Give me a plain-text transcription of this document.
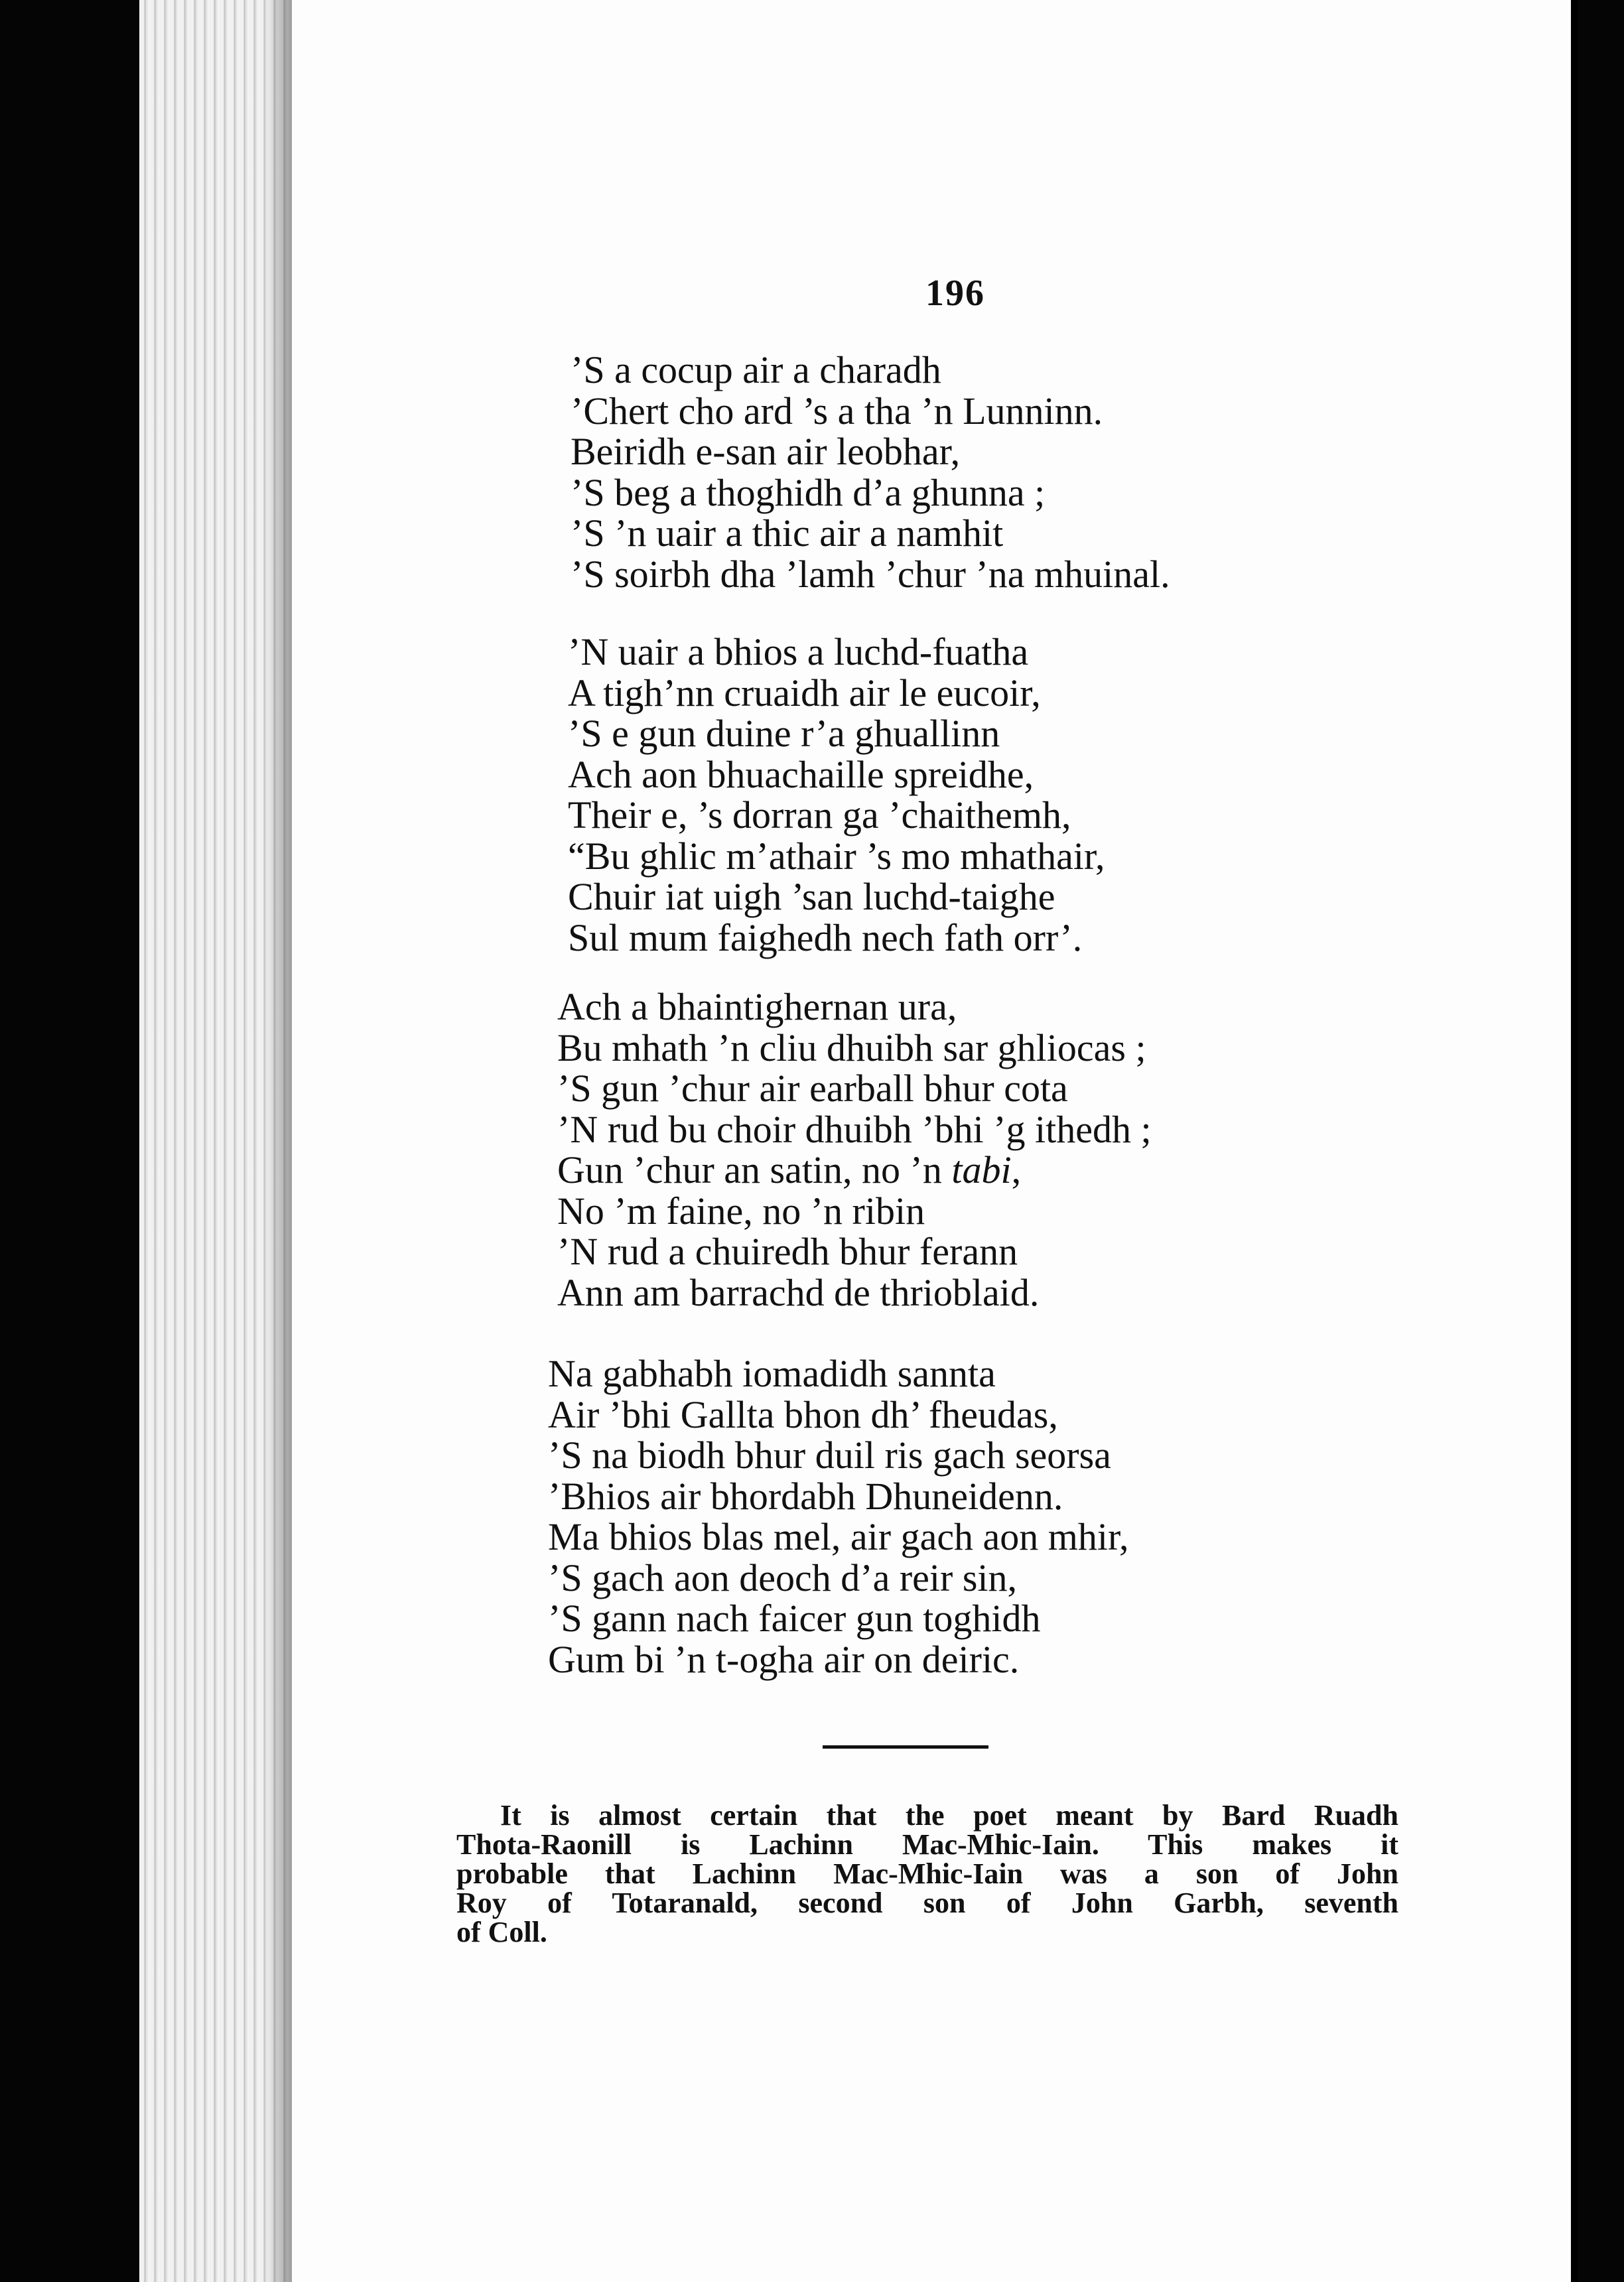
196
’S a cocup air a charadh
’Chert cho ard ’s a tha ’n Lunninn.
Beiridh e-san air leobhar,
’S beg a thoghidh d’a ghunna ;
’S ’n uair a thic air a namhit
’S soirbh dha ’lamh ’chur ’na mhuinal.
’N uair a bhios a luchd-fuatha
A tigh’nn cruaidh air le eucoir,
’S e gun duine r’a ghuallinn
Ach aon bhuachaille spreidhe,
Their e, ’s dorran ga ’chaithemh,
“Bu ghlic m’athair ’s mo mhathair,
Chuir iat uigh ’san luchd-taighe
Sul mum faighedh nech fath orr’.
Ach a bhaintighernan ura,
Bu mhath ’n cliu dhuibh sar ghliocas ;
’S gun ’chur air earball bhur cota
’N rud bu choir dhuibh ’bhi ’g ithedh ;
Gun ’chur an satin, no ’n tabi,
No ’m faine, no ’n ribin
’N rud a chuiredh bhur ferann
Ann am barrachd de thrioblaid.
Na gabhabh iomadidh sannta
Air ’bhi Gallta bhon dh’ fheudas,
’S na biodh bhur duil ris gach seorsa
’Bhios air bhordabh Dhuneidenn.
Ma bhios blas mel, air gach aon mhir,
’S gach aon deoch d’a reir sin,
’S gann nach faicer gun toghidh
Gum bi ’n t-ogha air on deiric.
It is almost certain that the poet meant by Bard Ruadh
Thota-Raonill is Lachinn Mac-Mhic-Iain. This makes it
probable that Lachinn Mac-Mhic-Iain was a son of John
Roy of Totaranald, second son of John Garbh, seventh
of Coll.
